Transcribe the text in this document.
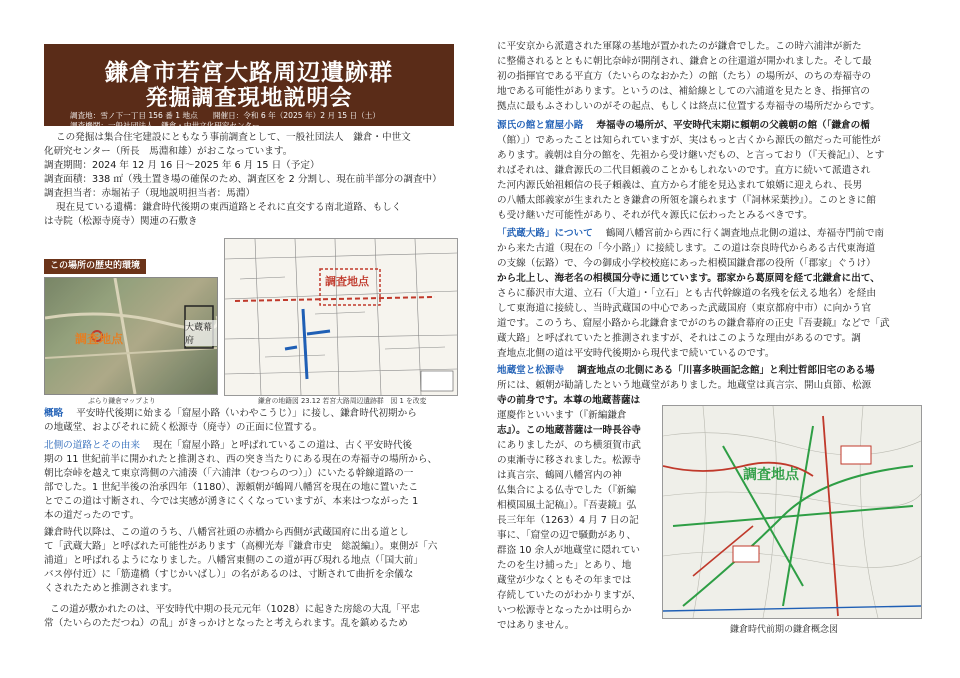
鎌倉市若宮大路周辺遺跡群
発掘調査現地説明会
調査地：雪ノ下一丁目 156 番 1 地点　　開催日：令和 6 年（2025 年）2 月 15 日（土）
調査機関：一般社団法人　鎌倉・中世文化研究センター

この発掘は集合住宅建設にともなう事前調査として、一般社団法人　鎌倉・中世文

化研究センター（所長　馬淵和雄）がおこなっています。

調査期間：2024 年 12 月 16 日～2025 年 6 月 15 日（予定）

調査面積：338 ㎡（残土置き場の確保のため、調査区を 2 分割し、現在前半部分の調査中）

調査担当者：赤堀祐子（現地説明担当者：馬淵）

現在見ている遺構：鎌倉時代後期の東西道路とそれに直交する南北道路、もしく

は寺院（松源寺廃寺）関連の石敷き

この場所の歴史的環境
調査地点
大蔵幕府
ぶらり鎌倉マップより
調査地点
鎌倉の地籍図 23.12 若宮大路周辺遺跡群　図 1 を改変

概略 平安時代後期に始まる「窟屋小路（いわやこうじ）」に接し、鎌倉時代初期から

の地蔵堂、およびそれに続く松源寺（廃寺）の正面に位置する。

北側の道路とその由来 現在「窟屋小路」と呼ばれているこの道は、古く平安時代後

期の 11 世紀前半に開かれたと推測され、西の突き当たりにある現在の寿福寺の場所から、

朝比奈峠を越えて東京湾側の六浦湊（「六浦津（むつらのつ）」）にいたる幹線道路の一

部でした。1 世紀半後の治承四年（1180）、源頼朝が鶴岡八幡宮を現在の地に置いたこ

とでこの道は寸断され、今では実感が湧きにくくなっていますが、本来はつながった 1

本の道だったのです。

鎌倉時代以降は、この道のうち、八幡宮社頭の赤橋から西側が武蔵国府に出る道とし

て「武蔵大路」と呼ばれた可能性があります（高柳光寿『鎌倉市史　総説編』）。東側が「六

浦道」と呼ばれるようになりました。八幡宮東側のこの道が再び現れる地点（「国大前」

バス停付近）に「筋違橋（すじかいばし）」の名があるのは、寸断されて曲折を余儀な

くされたためと推測されます。

この道が敷かれたのは、平安時代中期の長元元年（1028）に起きた房総の大乱「平忠

常（たいらのただつね）の乱」がきっかけとなったと考えられます。乱を鎮めるため

に平安京から派遣された軍隊の基地が置かれたのが鎌倉でした。この時六浦津が新た

に整備されるとともに朝比奈峠が開削され、鎌倉との往還道が開かれました。そして最

初の指揮官である平直方（たいらのなおかた）の館（たち）の場所が、のちの寿福寺の

地である可能性があります。というのは、補給線としての六浦道を見たとき、指揮官の

拠点に最もふさわしいのがその起点、もしくは終点に位置する寿福寺の場所だからです。

源氏の館と窟屋小路 寿福寺の場所が、平安時代末期に頼朝の父義朝の館（「鎌倉の楯

（館）」）であったことは知られていますが、実はもっと古くから源氏の館だった可能性が

あります。義朝は自分の館を、先祖から受け継いだもの、と言っており（『天養記』）、とす

ればそれは、鎌倉源氏の二代目頼義のことかもしれないのです。直方に続いて派遣され

た河内源氏始祖頼信の長子頼義は、直方から才能を見込まれて娘婿に迎えられ、長男

の八幡太郎義家が生まれたとき鎌倉の所領を譲られます（『詞林采葉抄』）。このときに館

も受け継いだ可能性があり、それが代々源氏に伝わったとみるべきです。

「武蔵大路」について 鶴岡八幡宮前から西に行く調査地点北側の道は、寿福寺門前で南

から来た古道（現在の「今小路」）に接続します。この道は奈良時代からある古代東海道

の支線（伝路）で、今の御成小学校校庭にあった相模国鎌倉郡の役所（「郡家」ぐうけ）

から北上し、海老名の相模国分寺に通じています。郡家から葛原岡を経て北鎌倉に出て、

さらに藤沢市大道、立石（「大道」・「立石」とも古代幹線道の名残を伝える地名）を経由

して東海道に接続し、当時武蔵国の中心であった武蔵国府（東京都府中市）に向かう官

道です。このうち、窟屋小路から北鎌倉までがのちの鎌倉幕府の正史『吾妻鏡』などで「武

蔵大路」と呼ばれていたと推測されますが、それはこのような理由があるのです。調

査地点北側の道は平安時代後期から現代まで続いているのです。

地蔵堂と松源寺 調査地点の北側にある「川喜多映画記念館」と利辻哲郎旧宅のある場

所には、頼朝が勧請したという地蔵堂がありました。地蔵堂は真言宗、開山貞節、松源

寺の前身です。本尊の地蔵菩薩は

運慶作といいます（『新編鎌倉

志』）。この地蔵菩薩は一時長谷寺

にありましたが、のち横須賀市武

の東漸寺に移されました。松源寺

は真言宗、鶴岡八幡宮内の神

仏集合による仏寺でした（『新編

相模国風土記稿』）。『吾妻鏡』弘

長三年年（1263）4 月 7 日の記

事に、「窟堂の辺で騒動があり、

群盗 10 余人が地蔵堂に隠れてい

たのを生け捕った」とあり、地

蔵堂が少なくともその年までは

存続していたのがわかりますが、

いつ松源寺となったかは明らか

ではありません。

調査地点
鎌倉時代前期の鎌倉概念図
